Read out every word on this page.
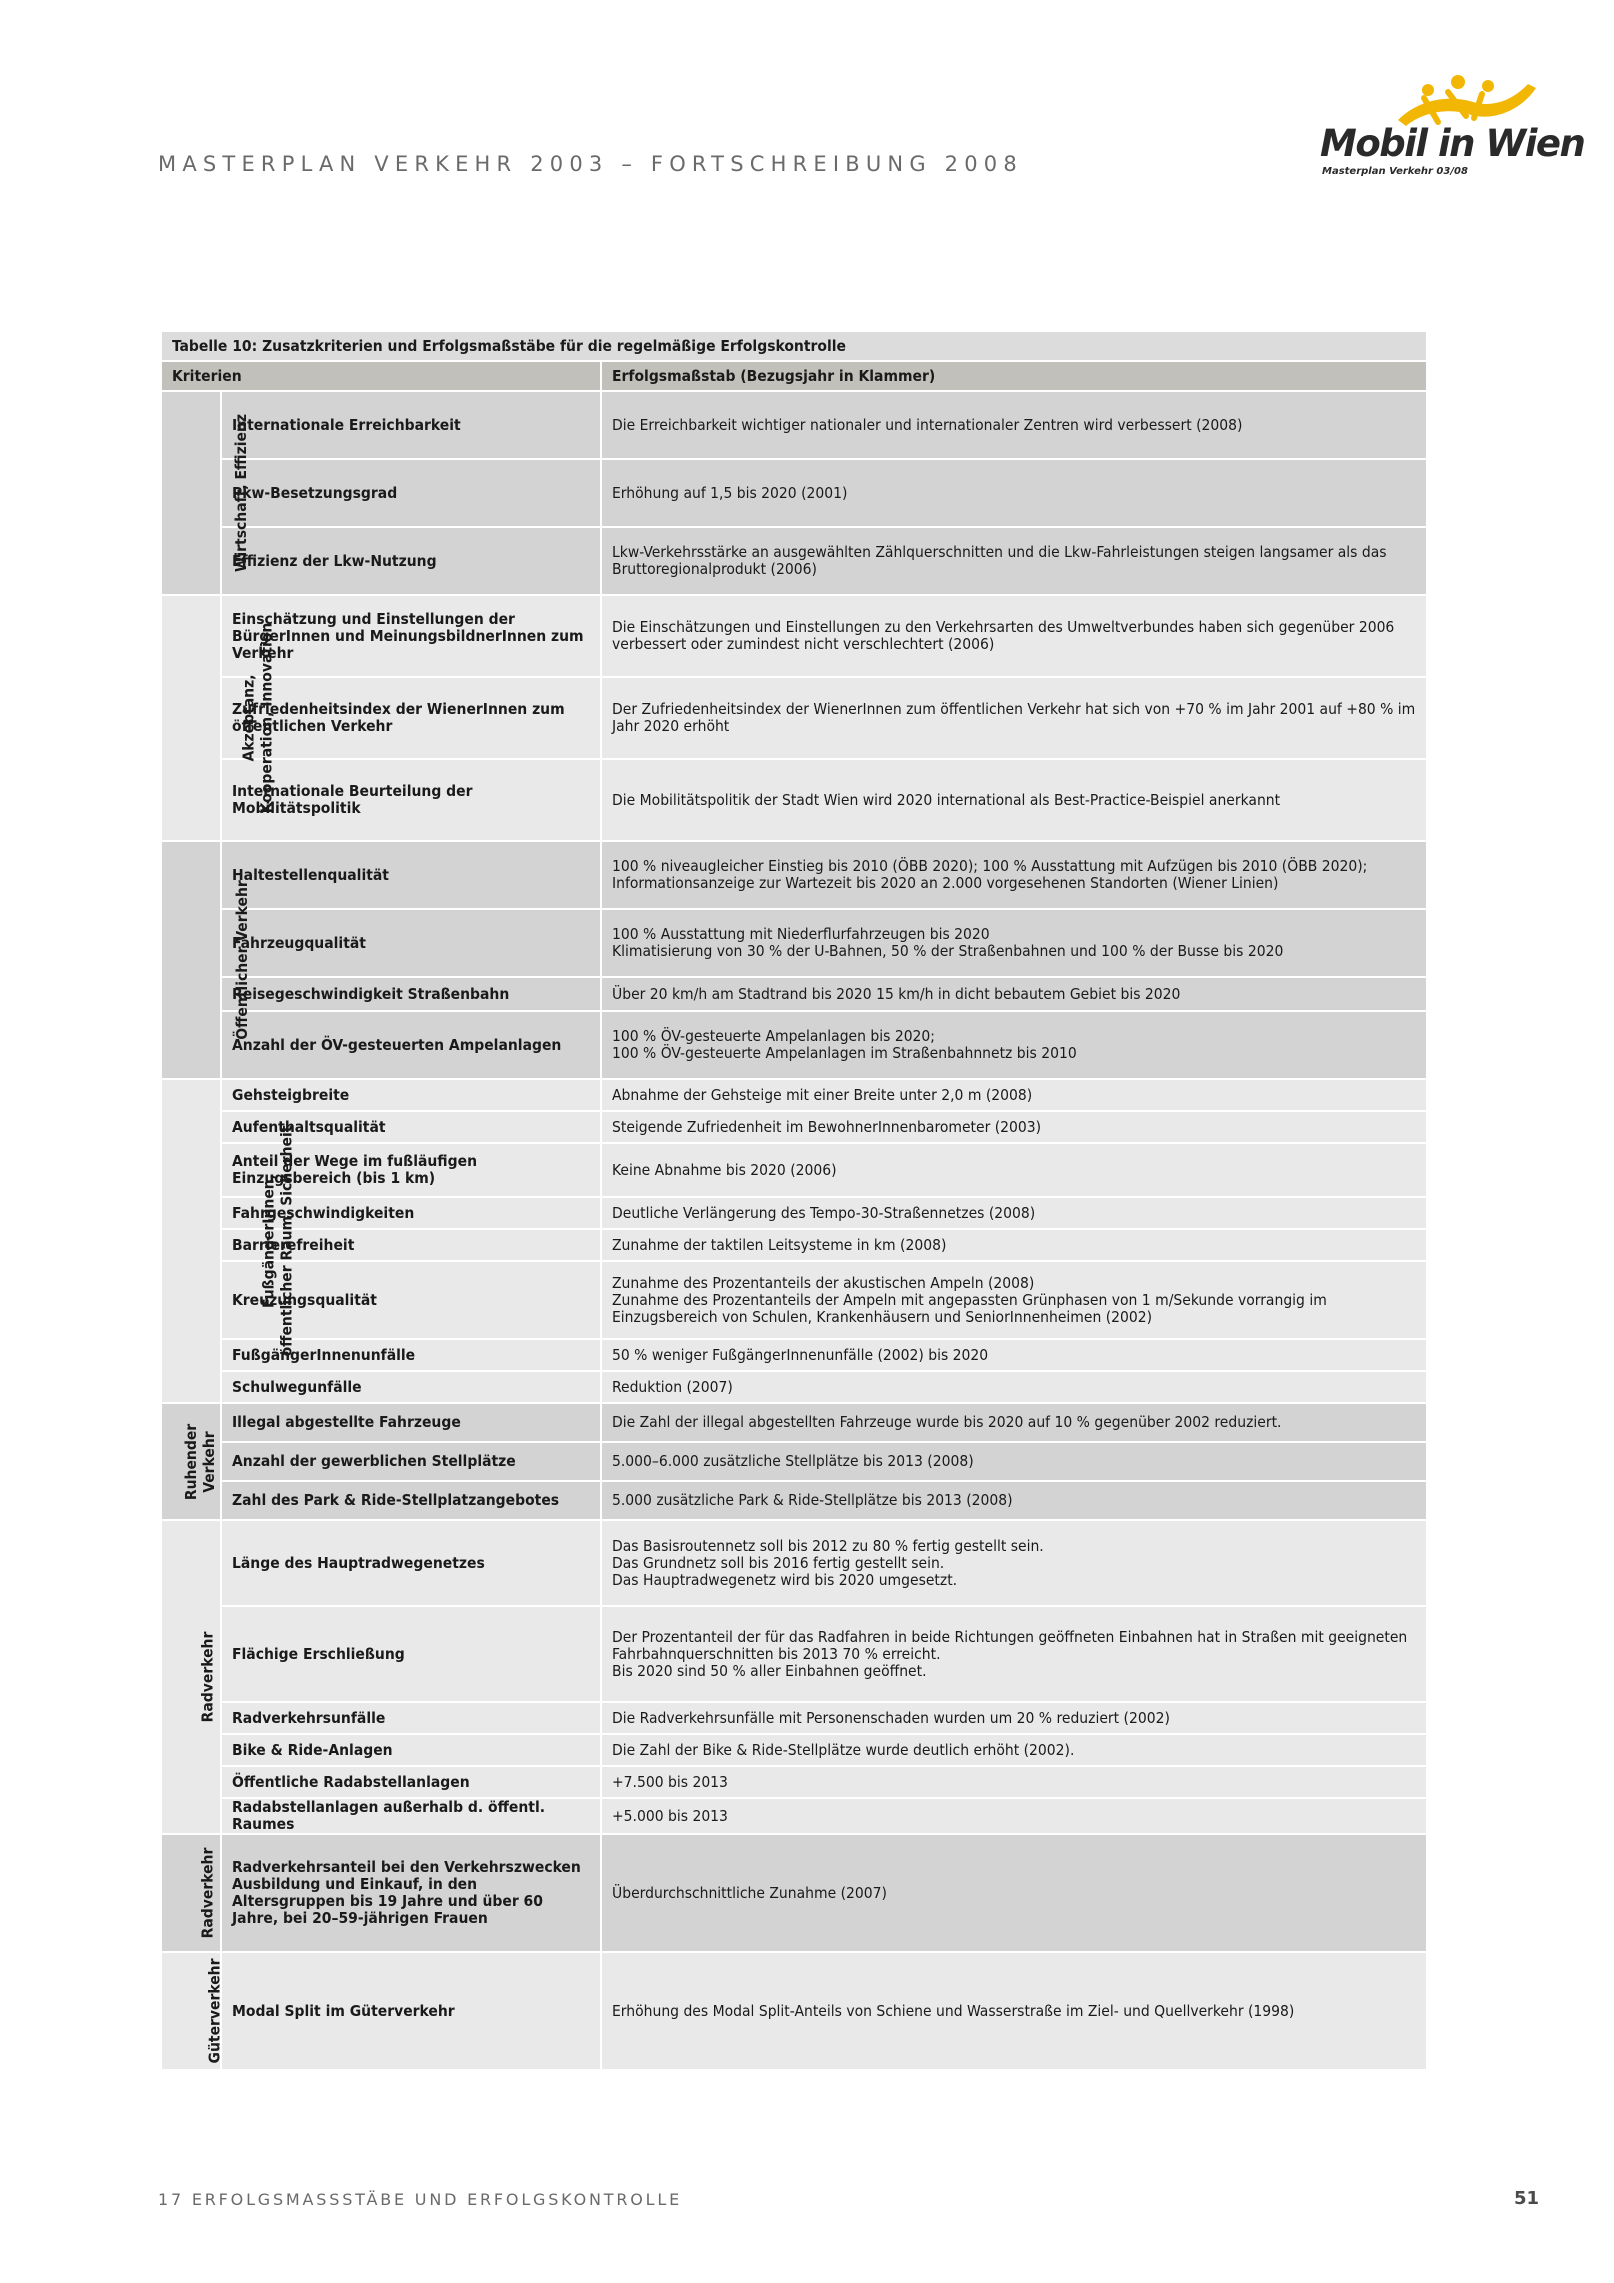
MASTERPLAN VERKEHR 2003 – FORTSCHREIBUNG 2008	Mobil in Wien
Masterplan Verkehr 03/08
Tabelle 10: Zusatzkriterien und Erfolgsmaßstäbe für die regelmäßige Erfolgskontrolle		
Kriterien		Erfolgsmaßstab (Bezugsjahr in Klammer)
Wirtschaft, Effizienz	Internationale Erreichbarkeit	Die Erreichbarkeit wichtiger nationaler und internationaler Zentren wird verbessert (2008)
	Pkw-Besetzungsgrad	Erhöhung auf 1,5 bis 2020 (2001)
	Effizienz der Lkw-Nutzung	Lkw-Verkehrsstärke an ausgewählten Zählquerschnitten und die Lkw-Fahrleistungen steigen langsamer als das Bruttoregionalprodukt (2006)
Akzeptanz,
Kooperation, Innovation	Einschätzung und Einstellungen der BürgerInnen und MeinungsbildnerInnen zum Verkehr	Die Einschätzungen und Einstellungen zu den Verkehrsarten des Umweltverbundes haben sich gegenüber 2006 verbessert oder zumindest nicht verschlechtert (2006)
	Zufriedenheitsindex der WienerInnen zum öffentlichen Verkehr	Der Zufriedenheitsindex der WienerInnen zum öffentlichen Verkehr hat sich von +70 % im Jahr 2001 auf +80 % im Jahr 2020 erhöht
	Internationale Beurteilung der Mobilitätspolitik	Die Mobilitätspolitik der Stadt Wien wird 2020 international als Best-Practice-Beispiel anerkannt
Öffentlicher Verkehr	Haltestellenqualität	100 % niveaugleicher Einstieg bis 2010 (ÖBB 2020); 100 % Ausstattung mit Aufzügen bis 2010 (ÖBB 2020); Informationsanzeige zur Wartezeit bis 2020 an 2.000 vorgesehenen Standorten (Wiener Linien)
	Fahrzeugqualität	100 % Ausstattung mit Niederflurfahrzeugen bis 2020
Klimatisierung von 30 % der U-Bahnen, 50 % der Straßenbahnen und 100 % der Busse bis 2020
	Reisegeschwindigkeit Straßenbahn	Über 20 km/h am Stadtrand bis 2020 15 km/h in dicht bebautem Gebiet bis 2020
	Anzahl der ÖV-gesteuerten Ampelanlagen	100 % ÖV-gesteuerte Ampelanlagen bis 2020;
100 % ÖV-gesteuerte Ampelanlagen im Straßenbahnnetz bis 2010
FußgängerInnen,
öffentlicher Raum, Sicherheit	Gehsteigbreite	Abnahme der Gehsteige mit einer Breite unter 2,0 m (2008)
	Aufenthaltsqualität	Steigende Zufriedenheit im BewohnerInnenbarometer (2003)
	Anteil der Wege im fußläufigen Einzugsbereich (bis 1 km)	Keine Abnahme bis 2020 (2006)
	Fahrgeschwindigkeiten	Deutliche Verlängerung des Tempo-30-Straßennetzes (2008)
	Barrierefreiheit	Zunahme der taktilen Leitsysteme in km (2008)
	Kreuzungsqualität	Zunahme des Prozentanteils der akustischen Ampeln (2008)
Zunahme des Prozentanteils der Ampeln mit angepassten Grünphasen von 1 m/Sekunde vorrangig im Einzugsbereich von Schulen, Krankenhäusern und SeniorInnenheimen (2002)
	FußgängerInnenunfälle	50 % weniger FußgängerInnenunfälle (2002) bis 2020
	Schulwegunfälle	Reduktion (2007)
Ruhender
Verkehr	Illegal abgestellte Fahrzeuge	Die Zahl der illegal abgestellten Fahrzeuge wurde bis 2020 auf 10 % gegenüber 2002 reduziert.
	Anzahl der gewerblichen Stellplätze	5.000–6.000 zusätzliche Stellplätze bis 2013 (2008)
	Zahl des Park & Ride-Stellplatzangebotes	5.000 zusätzliche Park & Ride-Stellplätze bis 2013 (2008)
Radverkehr	Länge des Hauptradwegenetzes	Das Basisroutennetz soll bis 2012 zu 80 % fertig gestellt sein.
Das Grundnetz soll bis 2016 fertig gestellt sein.
Das Hauptradwegenetz wird bis 2020 umgesetzt.
	Flächige Erschließung	Der Prozentanteil der für das Radfahren in beide Richtungen geöffneten Einbahnen hat in Straßen mit geeigneten Fahrbahnquerschnitten bis 2013 70 % erreicht.
Bis 2020 sind 50 % aller Einbahnen geöffnet.
	Radverkehrsunfälle	Die Radverkehrsunfälle mit Personenschaden wurden um 20 % reduziert (2002)
	Bike & Ride-Anlagen	Die Zahl der Bike & Ride-Stellplätze wurde deutlich erhöht (2002).
	Öffentliche Radabstellanlagen	+7.500 bis 2013
	Radabstellanlagen außerhalb d. öffentl. Raumes	+5.000 bis 2013
Radverkehr	Radverkehrsanteil bei den Verkehrszwecken Ausbildung und Einkauf, in den Altersgruppen bis 19 Jahre und über 60 Jahre, bei 20–59-jährigen Frauen	Überdurchschnittliche Zunahme (2007)
Güterverkehr	Modal Split im Güterverkehr	Erhöhung des Modal Split-Anteils von Schiene und Wasserstraße im Ziel- und Quellverkehr (1998)
17 ERFOLGSMASSSTÄBE UND ERFOLGSKONTROLLE	51
